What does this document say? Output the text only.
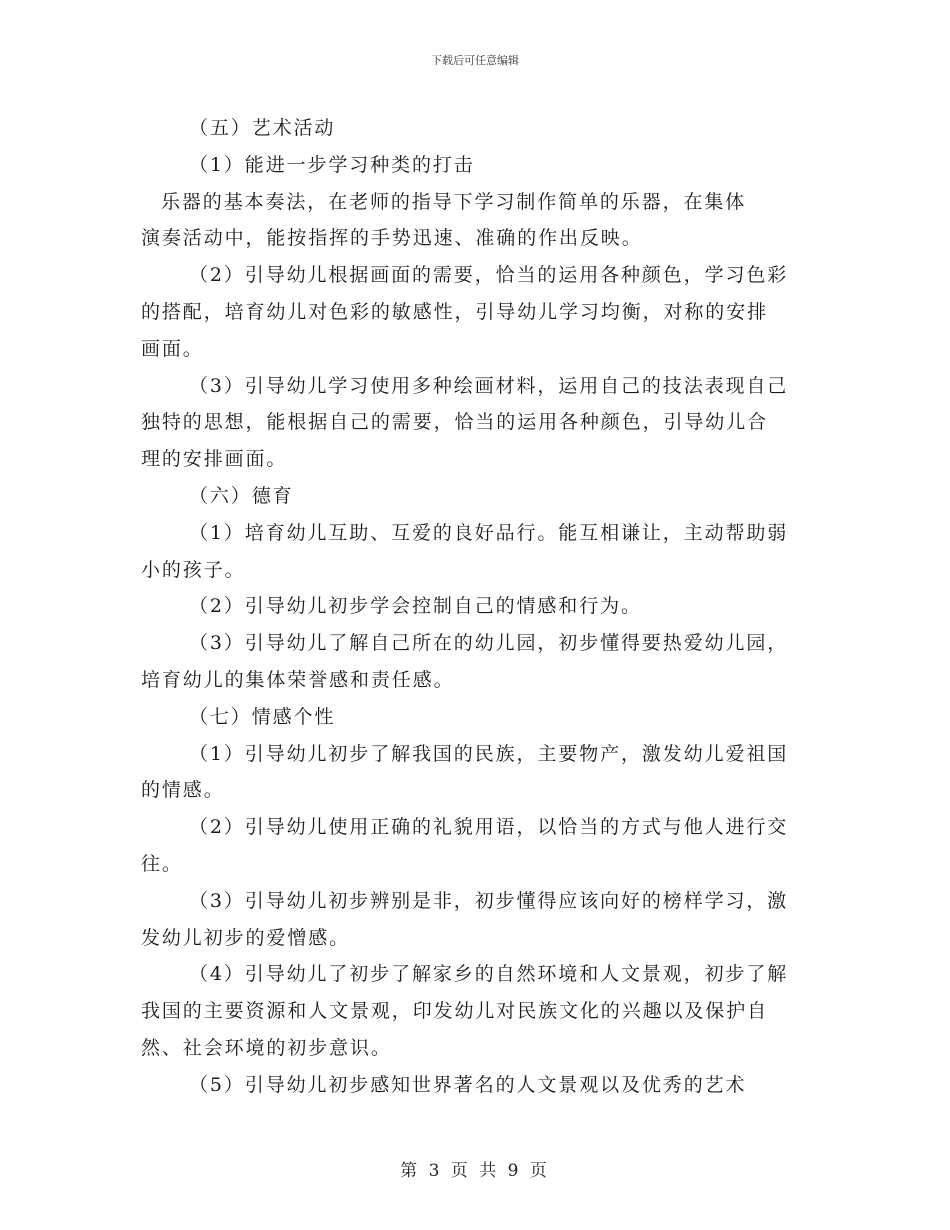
下载后可任意编辑

（五）艺术活动

（1）能进一步学习种类的打击

乐器的基本奏法，在老师的指导下学习制作简单的乐器，在集体

演奏活动中，能按指挥的手势迅速、准确的作出反映。

（2）引导幼儿根据画面的需要，恰当的运用各种颜色，学习色彩

的搭配，培育幼儿对色彩的敏感性，引导幼儿学习均衡，对称的安排

画面。

（3）引导幼儿学习使用多种绘画材料，运用自己的技法表现自己

独特的思想，能根据自己的需要，恰当的运用各种颜色，引导幼儿合

理的安排画面。

（六）德育

（1）培育幼儿互助、互爱的良好品行。能互相谦让，主动帮助弱

小的孩子。

（2）引导幼儿初步学会控制自己的情感和行为。

（3）引导幼儿了解自己所在的幼儿园，初步懂得要热爱幼儿园，

培育幼儿的集体荣誉感和责任感。

（七）情感个性

（1）引导幼儿初步了解我国的民族，主要物产，激发幼儿爱祖国

的情感。

（2）引导幼儿使用正确的礼貌用语，以恰当的方式与他人进行交

往。

（3）引导幼儿初步辨别是非，初步懂得应该向好的榜样学习，激

发幼儿初步的爱憎感。

（4）引导幼儿了初步了解家乡的自然环境和人文景观，初步了解

我国的主要资源和人文景观，印发幼儿对民族文化的兴趣以及保护自

然、社会环境的初步意识。

（5）引导幼儿初步感知世界著名的人文景观以及优秀的艺术

第 3 页 共 9 页
